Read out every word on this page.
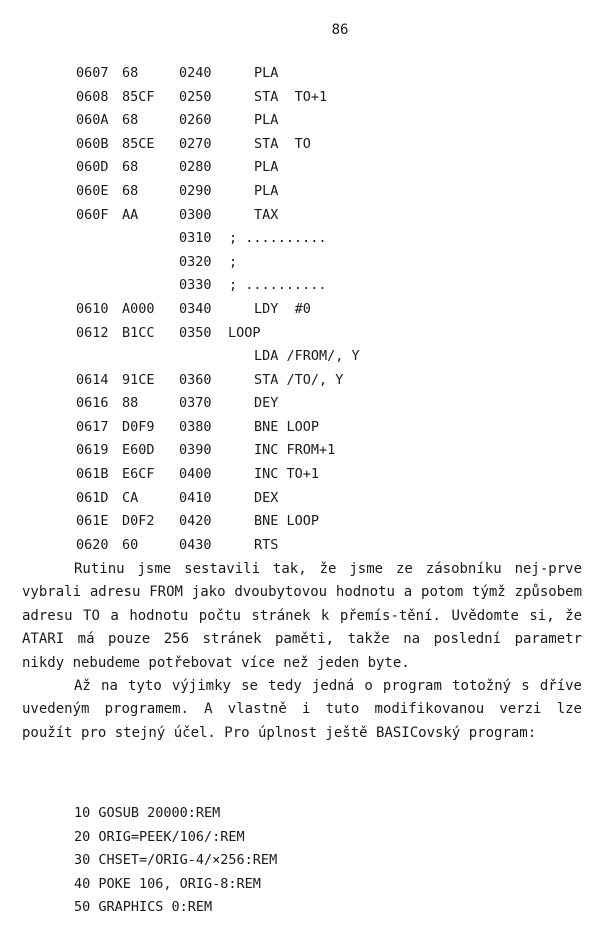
86
0607 68	0240	PLA
0608 85CF 0250	STA  TO+1
060A 68	0260	PLA
060B 85CE 0270	STA  TO
060D 68	0280	PLA
060E 68	0290	PLA
060F AA	0300	TAX
0310 ; ..........
0320 ;
0330 ; ..........
0610 A000 0340	LDY  #0
0612 B1CC 0350 LOOP
LDA /FROM/, Y
0614 91CE 0360	STA /TO/, Y
0616 88	0370	DEY
0617 D0F9 0380	BNE LOOP
0619 E60D 0390	INC FROM+1
061B E6CF 0400	INC TO+1
061D CA	0410	DEX
061E D0F2 0420	BNE LOOP
0620 60	0430	RTS

Rutinu jsme sestavili tak, že jsme ze zásobníku nej-prve vybrali adresu FROM jako dvoubytovou hodnotu a potom týmž způsobem adresu TO a hodnotu počtu stránek k přemís-tění. Uvědomte si, že ATARI má pouze 256 stránek paměti, takže na poslední parametr nikdy nebudeme potřebovat více než jeden byte.

Až na tyto výjimky se tedy jedná o program totožný s dříve uvedeným programem. A vlastně i tuto modifikovanou verzi lze použít pro stejný účel. Pro úplnost ještě BASICovský program:

10 GOSUB 20000:REM
20 ORIG=PEEK/106/:REM
30 CHSET=/ORIG-4/×256:REM
40 POKE 106, ORIG-8:REM
50 GRAPHICS 0:REM
